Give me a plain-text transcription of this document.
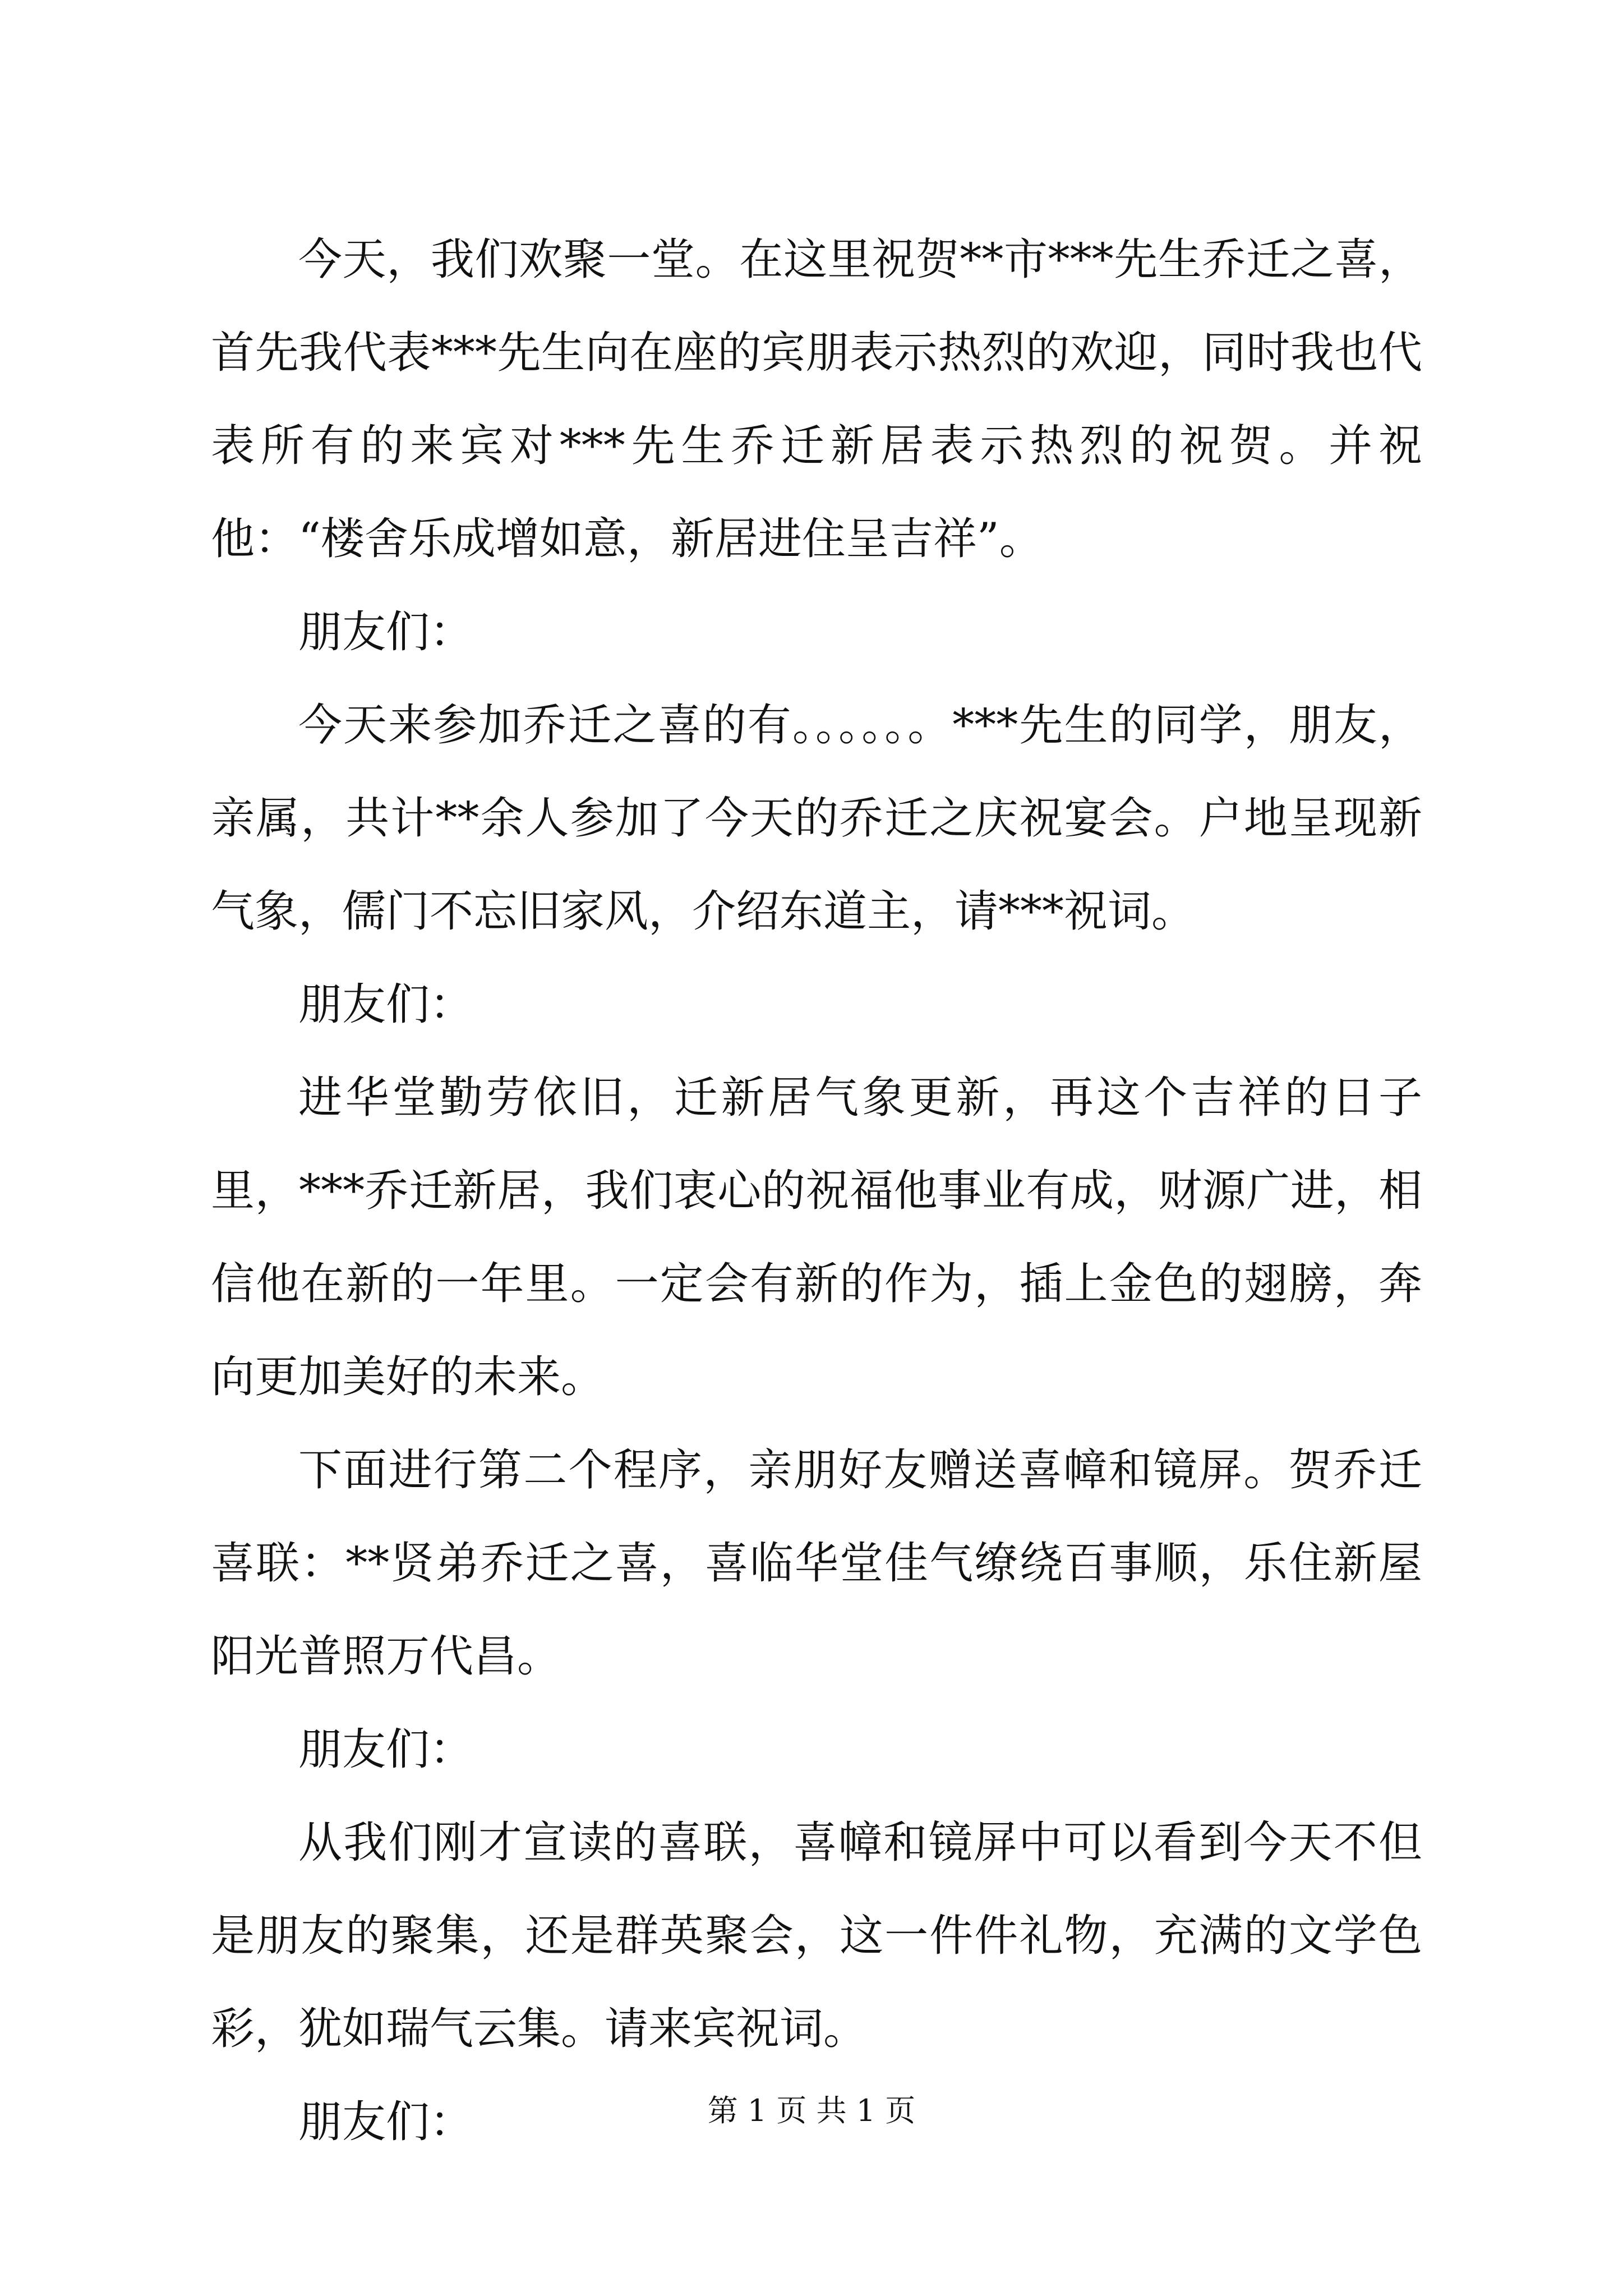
今天，我们欢聚一堂。在这里祝贺**市***先生乔迁之喜，首先我代表***先生向在座的宾朋表示热烈的欢迎，同时我也代表所有的来宾对***先生乔迁新居表示热烈的祝贺。并祝他：“楼舍乐成增如意，新居进住呈吉祥”。

朋友们：

今天来参加乔迁之喜的有。。。。。。***先生的同学，朋友，亲属，共计**余人参加了今天的乔迁之庆祝宴会。户地呈现新气象，儒门不忘旧家风，介绍东道主，请***祝词。

朋友们：

进华堂勤劳依旧，迁新居气象更新，再这个吉祥的日子里，***乔迁新居，我们衷心的祝福他事业有成，财源广进，相信他在新的一年里。一定会有新的作为，插上金色的翅膀，奔向更加美好的未来。

下面进行第二个程序，亲朋好友赠送喜幛和镜屏。贺乔迁喜联：**贤弟乔迁之喜，喜临华堂佳气缭绕百事顺，乐住新屋阳光普照万代昌。

朋友们：

从我们刚才宣读的喜联，喜幛和镜屏中可以看到今天不但是朋友的聚集，还是群英聚会，这一件件礼物，充满的文学色彩，犹如瑞气云集。请来宾祝词。

朋友们：	第 1 页 共 1 页
